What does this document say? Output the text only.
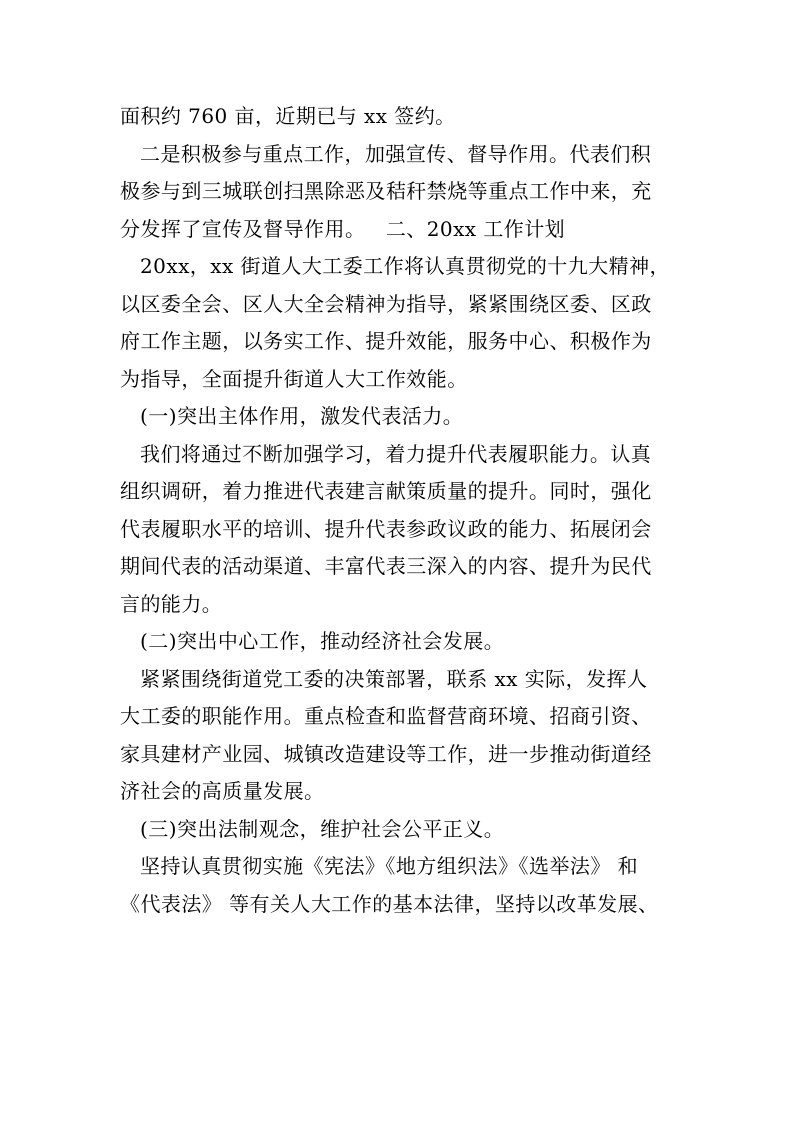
面积约 760 亩，近期已与 xx 签约。
二是积极参与重点工作，加强宣传、督导作用。代表们积
极参与到三城联创扫黑除恶及秸秆禁烧等重点工作中来，充
分发挥了宣传及督导作用。   二、20xx 工作计划
20xx，xx 街道人大工委工作将认真贯彻党的十九大精神，
以区委全会、区人大全会精神为指导，紧紧围绕区委、区政
府工作主题，以务实工作、提升效能，服务中心、积极作为
为指导，全面提升街道人大工作效能。
(一)突出主体作用，激发代表活力。
我们将通过不断加强学习，着力提升代表履职能力。认真
组织调研，着力推进代表建言献策质量的提升。同时，强化
代表履职水平的培训、提升代表参政议政的能力、拓展闭会
期间代表的活动渠道、丰富代表三深入的内容、提升为民代
言的能力。
(二)突出中心工作，推动经济社会发展。
紧紧围绕街道党工委的决策部署，联系 xx 实际，发挥人
大工委的职能作用。重点检查和监督营商环境、招商引资、
家具建材产业园、城镇改造建设等工作，进一步推动街道经
济社会的高质量发展。
(三)突出法制观念，维护社会公平正义。
坚持认真贯彻实施《宪法》《地方组织法》《选举法》 和
《代表法》 等有关人大工作的基本法律，坚持以改革发展、
